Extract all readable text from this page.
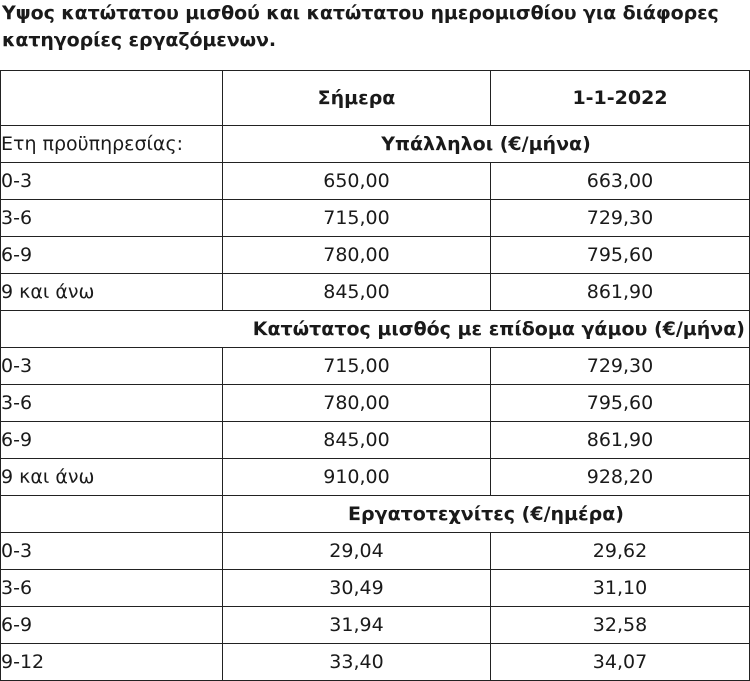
Υψος κατώτατου μισθού και κατώτατου ημερομισθίου για διάφορες κατηγορίες εργαζόμενων.
	Σήμερα	1-1-2022
Ετη προϋπηρεσίας:	Υπάλληλοι (€/μήνα)	
0-3	650,00	663,00
3-6	715,00	729,30
6-9	780,00	795,60
9 και άνω	845,00	861,90
Κατώτατος μισθός με επίδομα γάμου (€/μήνα)		
0-3	715,00	729,30
3-6	780,00	795,60
6-9	845,00	861,90
9 και άνω	910,00	928,20
	Εργατοτεχνίτες (€/ημέρα)	
0-3	29,04	29,62
3-6	30,49	31,10
6-9	31,94	32,58
9-12	33,40	34,07
